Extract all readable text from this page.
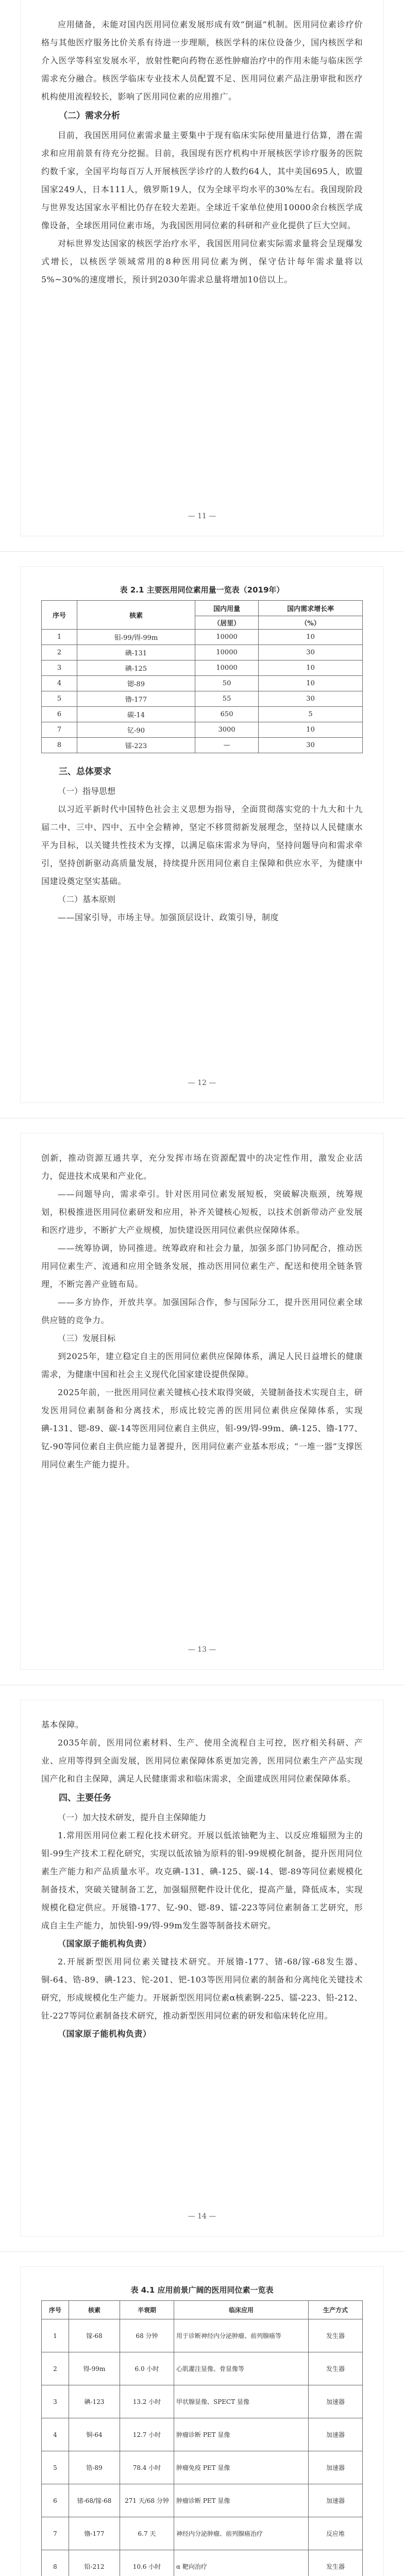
应用储备，未能对国内医用同位素发展形成有效“倒逼”机制。医用同位素诊疗价格与其他医疗服务比价关系有待进一步理顺，核医学科的床位设备少，国内核医学和介入医学等科室发展水平，放射性靶向药物在恶性肿瘤治疗中的作用未能与临床医学需求充分融合。核医学临床专业技术人员配置不足、医用同位素产品注册审批和医疗机构使用流程较长，影响了医用同位素的应用推广。

（二）需求分析

目前，我国医用同位素需求量主要集中于现有临床实际使用量进行估算，潜在需求和应用前景有待充分挖掘。目前，我国现有医疗机构中开展核医学诊疗服务的医院约数千家，全国平均每百万人开展核医学诊疗的人数约64人，其中美国695人，欧盟国家249人，日本111人，俄罗斯19人，仅为全球平均水平的30%左右。我国现阶段与世界发达国家水平相比仍存在较大差距。全球近千家单位使用10000余台核医学成像设备，全球医用同位素市场，为我国医用同位素的科研和产业化提供了巨大空间。

对标世界发达国家的核医学治疗水平，我国医用同位素实际需求量将会呈现爆发式增长，以核医学领域常用的8种医用同位素为例，保守估计每年需求量将以5%~30%的速度增长，预计到2030年需求总量将增加10倍以上。

— 11 —
表 2.1 主要医用同位素用量一览表（2019年）
序号	核素	国内用量	国内需求增长率
		（居里）	（%）
1	钼-99/锝-99m	10000	10
2	碘-131	10000	30
3	碘-125	10000	10
4	锶-89	50	10
5	镥-177	55	30
6	碳-14	650	5
7	钇-90	3000	10
8	镭-223	—	30

三、总体要求

（一）指导思想

以习近平新时代中国特色社会主义思想为指导，全面贯彻落实党的十九大和十九届二中、三中、四中、五中全会精神，坚定不移贯彻新发展理念，坚持以人民健康水平为目标，以关键共性技术为支撑，以满足临床需求为导向，坚持问题导向和需求牵引，坚持创新驱动高质量发展，持续提升医用同位素自主保障和供应水平，为健康中国建设奠定坚实基础。

（二）基本原则

——国家引导，市场主导。加强顶层设计、政策引导，制度

— 12 —

创新，推动资源互通共享，充分发挥市场在资源配置中的决定性作用，激发企业活力，促进技术成果和产业化。

——问题导向，需求牵引。针对医用同位素发展短板，突破解决瓶颈，统筹规划，积极推进医用同位素研发和应用，补齐关键核心短板，以技术创新带动产业发展和医疗进步，不断扩大产业规模，加快建设医用同位素供应保障体系。

——统筹协调，协同推进。统筹政府和社会力量，加强多部门协同配合，推动医用同位素生产、流通和应用全链条发展，推动医用同位素生产、配送和使用全链条管理，不断完善产业链布局。

——多方协作，开放共享。加强国际合作，参与国际分工，提升医用同位素全球供应链的竞争力。

（三）发展目标

到2025年，建立稳定自主的医用同位素供应保障体系，满足人民日益增长的健康需求，为健康中国和社会主义现代化国家建设提供保障。

2025年前，一批医用同位素关键核心技术取得突破，关键制备技术实现自主，研发医用同位素制备和分离技术，形成比较完善的医用同位素供应保障体系，实现碘-131、锶-89、碳-14等医用同位素自主供应，钼-99/锝-99m、碘-125、镥-177、钇-90等同位素自主供应能力显著提升，医用同位素产业基本形成；“一堆一器”支撑医用同位素生产能力提升。

— 13 —

基本保障。

2035年前，医用同位素材料、生产、使用全流程自主可控，医疗相关科研、产业、应用等得到全面发展，医用同位素保障体系更加完善，医用同位素生产产品实现国产化和自主保障，满足人民健康需求和临床需求，全面建成医用同位素保障体系。

四、主要任务

（一）加大技术研发，提升自主保障能力

1.常用医用同位素工程化技术研究。开展以低浓铀靶为主、以反应堆辐照为主的钼-99生产技术工程化研究，实现以低浓铀为原料的钼-99规模化制备，提升医用同位素生产能力和产品质量水平。攻克碘-131、碘-125、碳-14、锶-89等同位素规模化制备技术，突破关键制备工艺，加强辐照靶件设计优化，提高产量，降低成本，实现规模化稳定供应。开展镥-177、钇-90、锶-89、镭-223等同位素制备工艺研究，形成自主生产能力，加快钼-99/锝-99m发生器等制备技术研究。

（国家原子能机构负责）

2.开展新型医用同位素关键技术研究。开展镥-177、锗-68/镓-68发生器、铜-64、锆-89、碘-123、铊-201、钯-103等医用同位素的制备和分离纯化关键技术研究，形成规模化生产能力。开展新型医用同位素α核素锕-225、镭-223、铅-212、钍-227等同位素制备技术研究，推动新型医用同位素的研发和临床转化应用。

（国家原子能机构负责）

— 14 —
表 4.1 应用前景广阔的医用同位素一览表
序号	核素	半衰期	临床应用	生产方式
1	镓-68	68 分钟	用于诊断神经内分泌肿瘤、前列腺癌等	发生器
2	锝-99m	6.0 小时	心肌灌注显像、骨显像等	发生器
3	碘-123	13.2 小时	甲状腺显像、SPECT 显像	加速器
4	铜-64	12.7 小时	肿瘤诊断 PET 显像	加速器
5	锆-89	78.4 小时	肿瘤免疫 PET 显像	加速器
6	锗-68/镓-68	271 天/68 分钟	肿瘤诊断 PET 显像	加速器
7	镥-177	6.7 天	神经内分泌肿瘤、前列腺癌治疗	反应堆
8	铅-212	10.6 小时	α 靶向治疗	发生器
